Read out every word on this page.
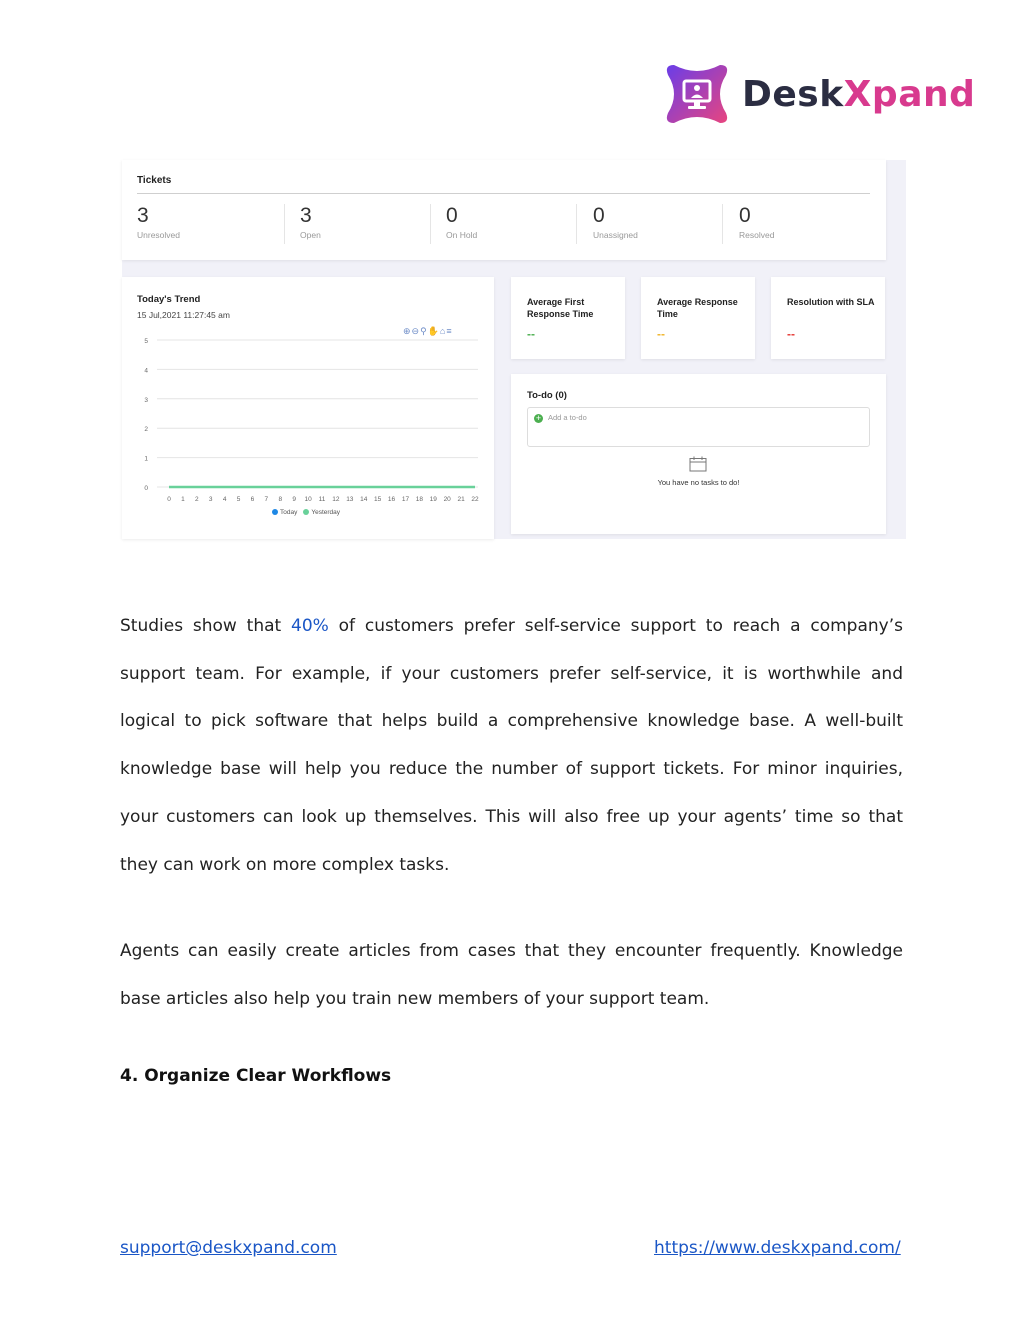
DeskXpand
Tickets
3
Unresolved
3
Open
0
On Hold
0
Unassigned
0
Resolved
Today's Trend
15 Jul,2021 11:27:45 am
⊕⊖⚲✋⌂≡
0
1
2
3
4
5
0 1 2 3 4 5 6 7 8 9 10 11 12 13 14 15 16 17 18 19 20 21 22
Today	Yesterday
Average First Response Time
--
Average Response Time
--
Resolution with SLA
--
To-do (0)
+ Add a to-do
You have no tasks to do!
Studies show that 40% of customers prefer self-service support to reach a company’s support team. For example, if your customers prefer self-service, it is worthwhile and logical to pick software that helps build a comprehensive knowledge base. A well-built knowledge base will help you reduce the number of support tickets. For minor inquiries, your customers can look up themselves. This will also free up your agents’ time so that they can work on more complex tasks.
Agents can easily create articles from cases that they encounter frequently. Knowledge base articles also help you train new members of your support team.
4. Organize Clear Workflows
support@deskxpand.com	https://www.deskxpand.com/
